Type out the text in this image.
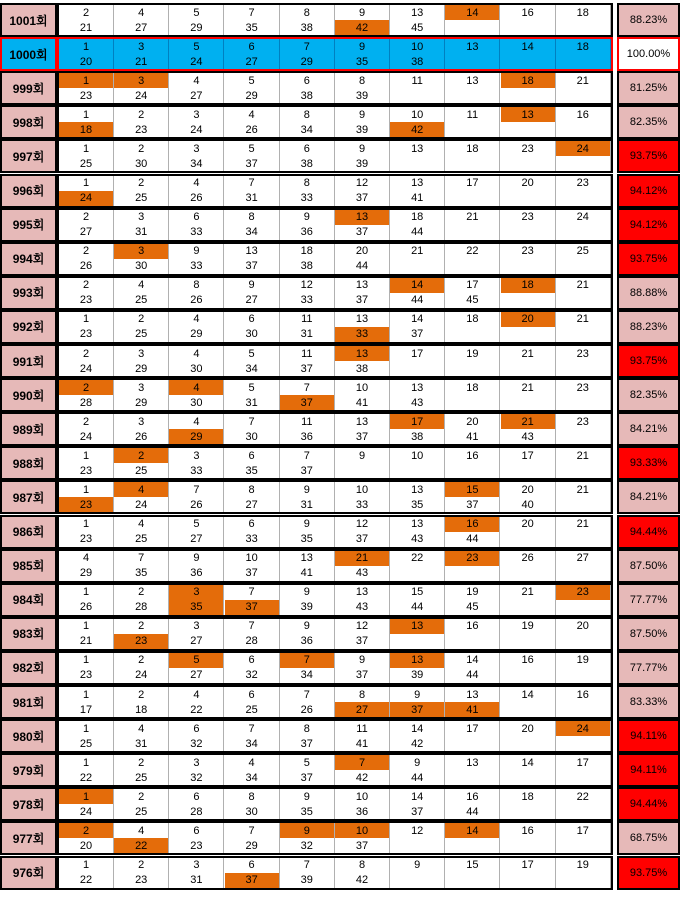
1001회
2	4	5	7	8	9	13	14	16	18
21	27	29	35	38	42	45
88.23%
1000회
1	3	5	6	7	9	10	13	14	18
20	21	24	27	29	35	38
100.00%
999회
1	3	4	5	6	8	11	13	18	21
23	24	27	29	38	39
81.25%
998회
1	2	3	4	8	9	10	11	13	16
18	23	24	26	34	39	42
82.35%
997회
1	2	3	5	6	9	13	18	23	24
25	30	34	37	38	39
93.75%
996회
1	2	4	7	8	12	13	17	20	23
24	25	26	31	33	37	41
94.12%
995회
2	3	6	8	9	13	18	21	23	24
27	31	33	34	36	37	44
94.12%
994회
2	3	9	13	18	20	21	22	23	25
26	30	33	37	38	44
93.75%
993회
2	4	8	9	12	13	14	17	18	21
23	25	26	27	33	37	44	45
88.88%
992회
1	2	4	6	11	13	14	18	20	21
23	25	29	30	31	33	37
88.23%
991회
2	3	4	5	11	13	17	19	21	23
24	29	30	34	37	38
93.75%
990회
2	3	4	5	7	10	13	18	21	23
28	29	30	31	37	41	43
82.35%
989회
2	3	4	7	11	13	17	20	21	23
24	26	29	30	36	37	38	41	43
84.21%
988회
1	2	3	6	7	9	10	16	17	21
23	25	33	35	37
93.33%
987회
1	4	7	8	9	10	13	15	20	21
23	24	26	27	31	33	35	37	40
84.21%
986회
1	4	5	6	9	12	13	16	20	21
23	25	27	33	35	37	43	44
94.44%
985회
4	7	9	10	13	21	22	23	26	27
29	35	36	37	41	43
87.50%
984회
1	2	3	7	9	13	15	19	21	23
26	28	35	37	39	43	44	45
77.77%
983회
1	2	3	7	9	12	13	16	19	20
21	23	27	28	36	37
87.50%
982회
1	2	5	6	7	9	13	14	16	19
23	24	27	32	34	37	39	44
77.77%
981회
1	2	4	6	7	8	9	13	14	16
17	18	22	25	26	27	37	41
83.33%
980회
1	4	6	7	8	11	14	17	20	24
25	31	32	34	37	41	42
94.11%
979회
1	2	3	4	5	7	9	13	14	17
22	25	32	34	37	42	44
94.11%
978회
1	2	6	8	9	10	14	16	18	22
24	25	28	30	35	36	37	44
94.44%
977회
2	4	6	7	9	10	12	14	16	17
20	22	23	29	32	37
68.75%
976회
1	2	3	6	7	8	9	15	17	19
22	23	31	37	39	42
93.75%
